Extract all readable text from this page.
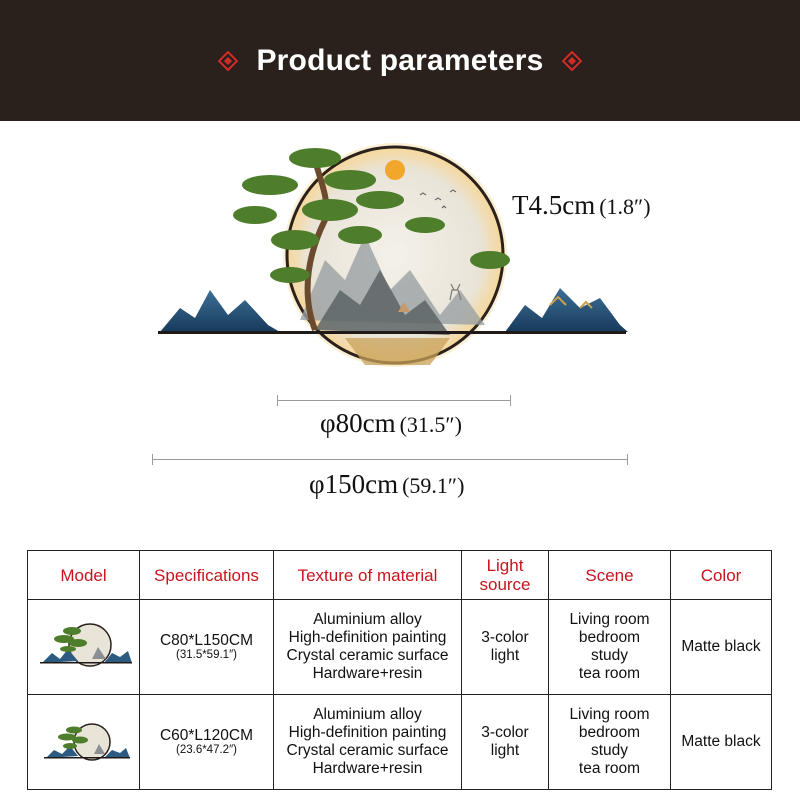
Product parameters
T4.5cm (1.8″)
φ80cm (31.5″)
φ150cm (59.1″)
Model	Specifications	Texture of material	Light source	Scene	Color

C80*L150CM
(31.5*59.1″)	Aluminium alloy
High-definition painting
Crystal ceramic surface
Hardware+resin	3-color
light	Living room
bedroom
study
tea room	Matte black

C60*L120CM
(23.6*47.2″)	Aluminium alloy
High-definition painting
Crystal ceramic surface
Hardware+resin	3-color
light	Living room
bedroom
study
tea room	Matte black
